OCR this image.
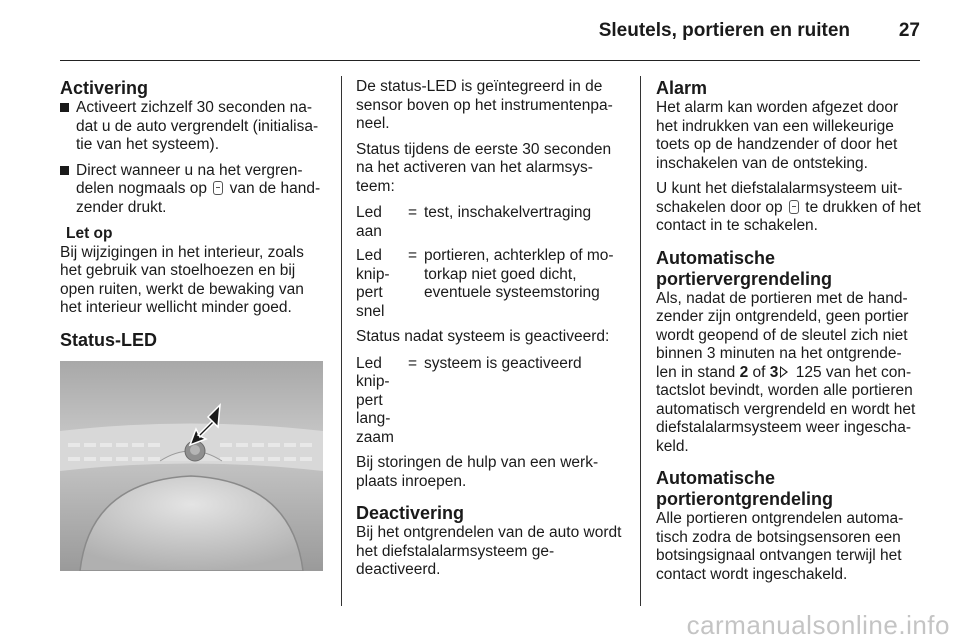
Sleutels, portieren en ruiten	27
Activering
Activeert zichzelf 30 seconden na-dat u de auto vergrendelt (initialisa-tie van het systeem).
Direct wanneer u na het vergren-delen nogmaals op  van de hand-zender drukt.
Let op
Bij wijzigingen in het interieur, zoals het gebruik van stoelhoezen en bij open ruiten, werkt de bewaking van het interieur wellicht minder goed.
Status-LED

De status-LED is geïntegreerd in de sensor boven op het instrumentenpa-neel.

Status tijdens de eerste 30 seconden na het activeren van het alarmsys-teem:

Led aan
= test, inschakelvertraging
Led knip-pert snel
= portieren, achterklep of mo-torkap niet goed dicht, eventuele systeemstoring

Status nadat systeem is geactiveerd:

Led knip-pert lang-zaam
= systeem is geactiveerd

Bij storingen de hulp van een werk-plaats inroepen.

Deactivering

Bij het ontgrendelen van de auto wordt het diefstalalarmsysteem ge-deactiveerd.

Alarm

Het alarm kan worden afgezet door het indrukken van een willekeurige toets op de handzender of door het inschakelen van de ontsteking.

U kunt het diefstalalarmsysteem uit-schakelen door op  te drukken of het contact in te schakelen.

Automatische portiervergrendeling

Als, nadat de portieren met de hand-zender zijn ontgrendeld, geen portier wordt geopend of de sleutel zich niet binnen 3 minuten na het ontgrende-len in stand 2 of 3 125 van het con-tactslot bevindt, worden alle portieren automatisch vergrendeld en wordt het diefstalalarmsysteem weer ingescha-keld.

Automatische portierontgrendeling

Alle portieren ontgrendelen automa-tisch zodra de botsingsensoren een botsingsignaal ontvangen terwijl het contact wordt ingeschakeld.

carmanualsonline.info
